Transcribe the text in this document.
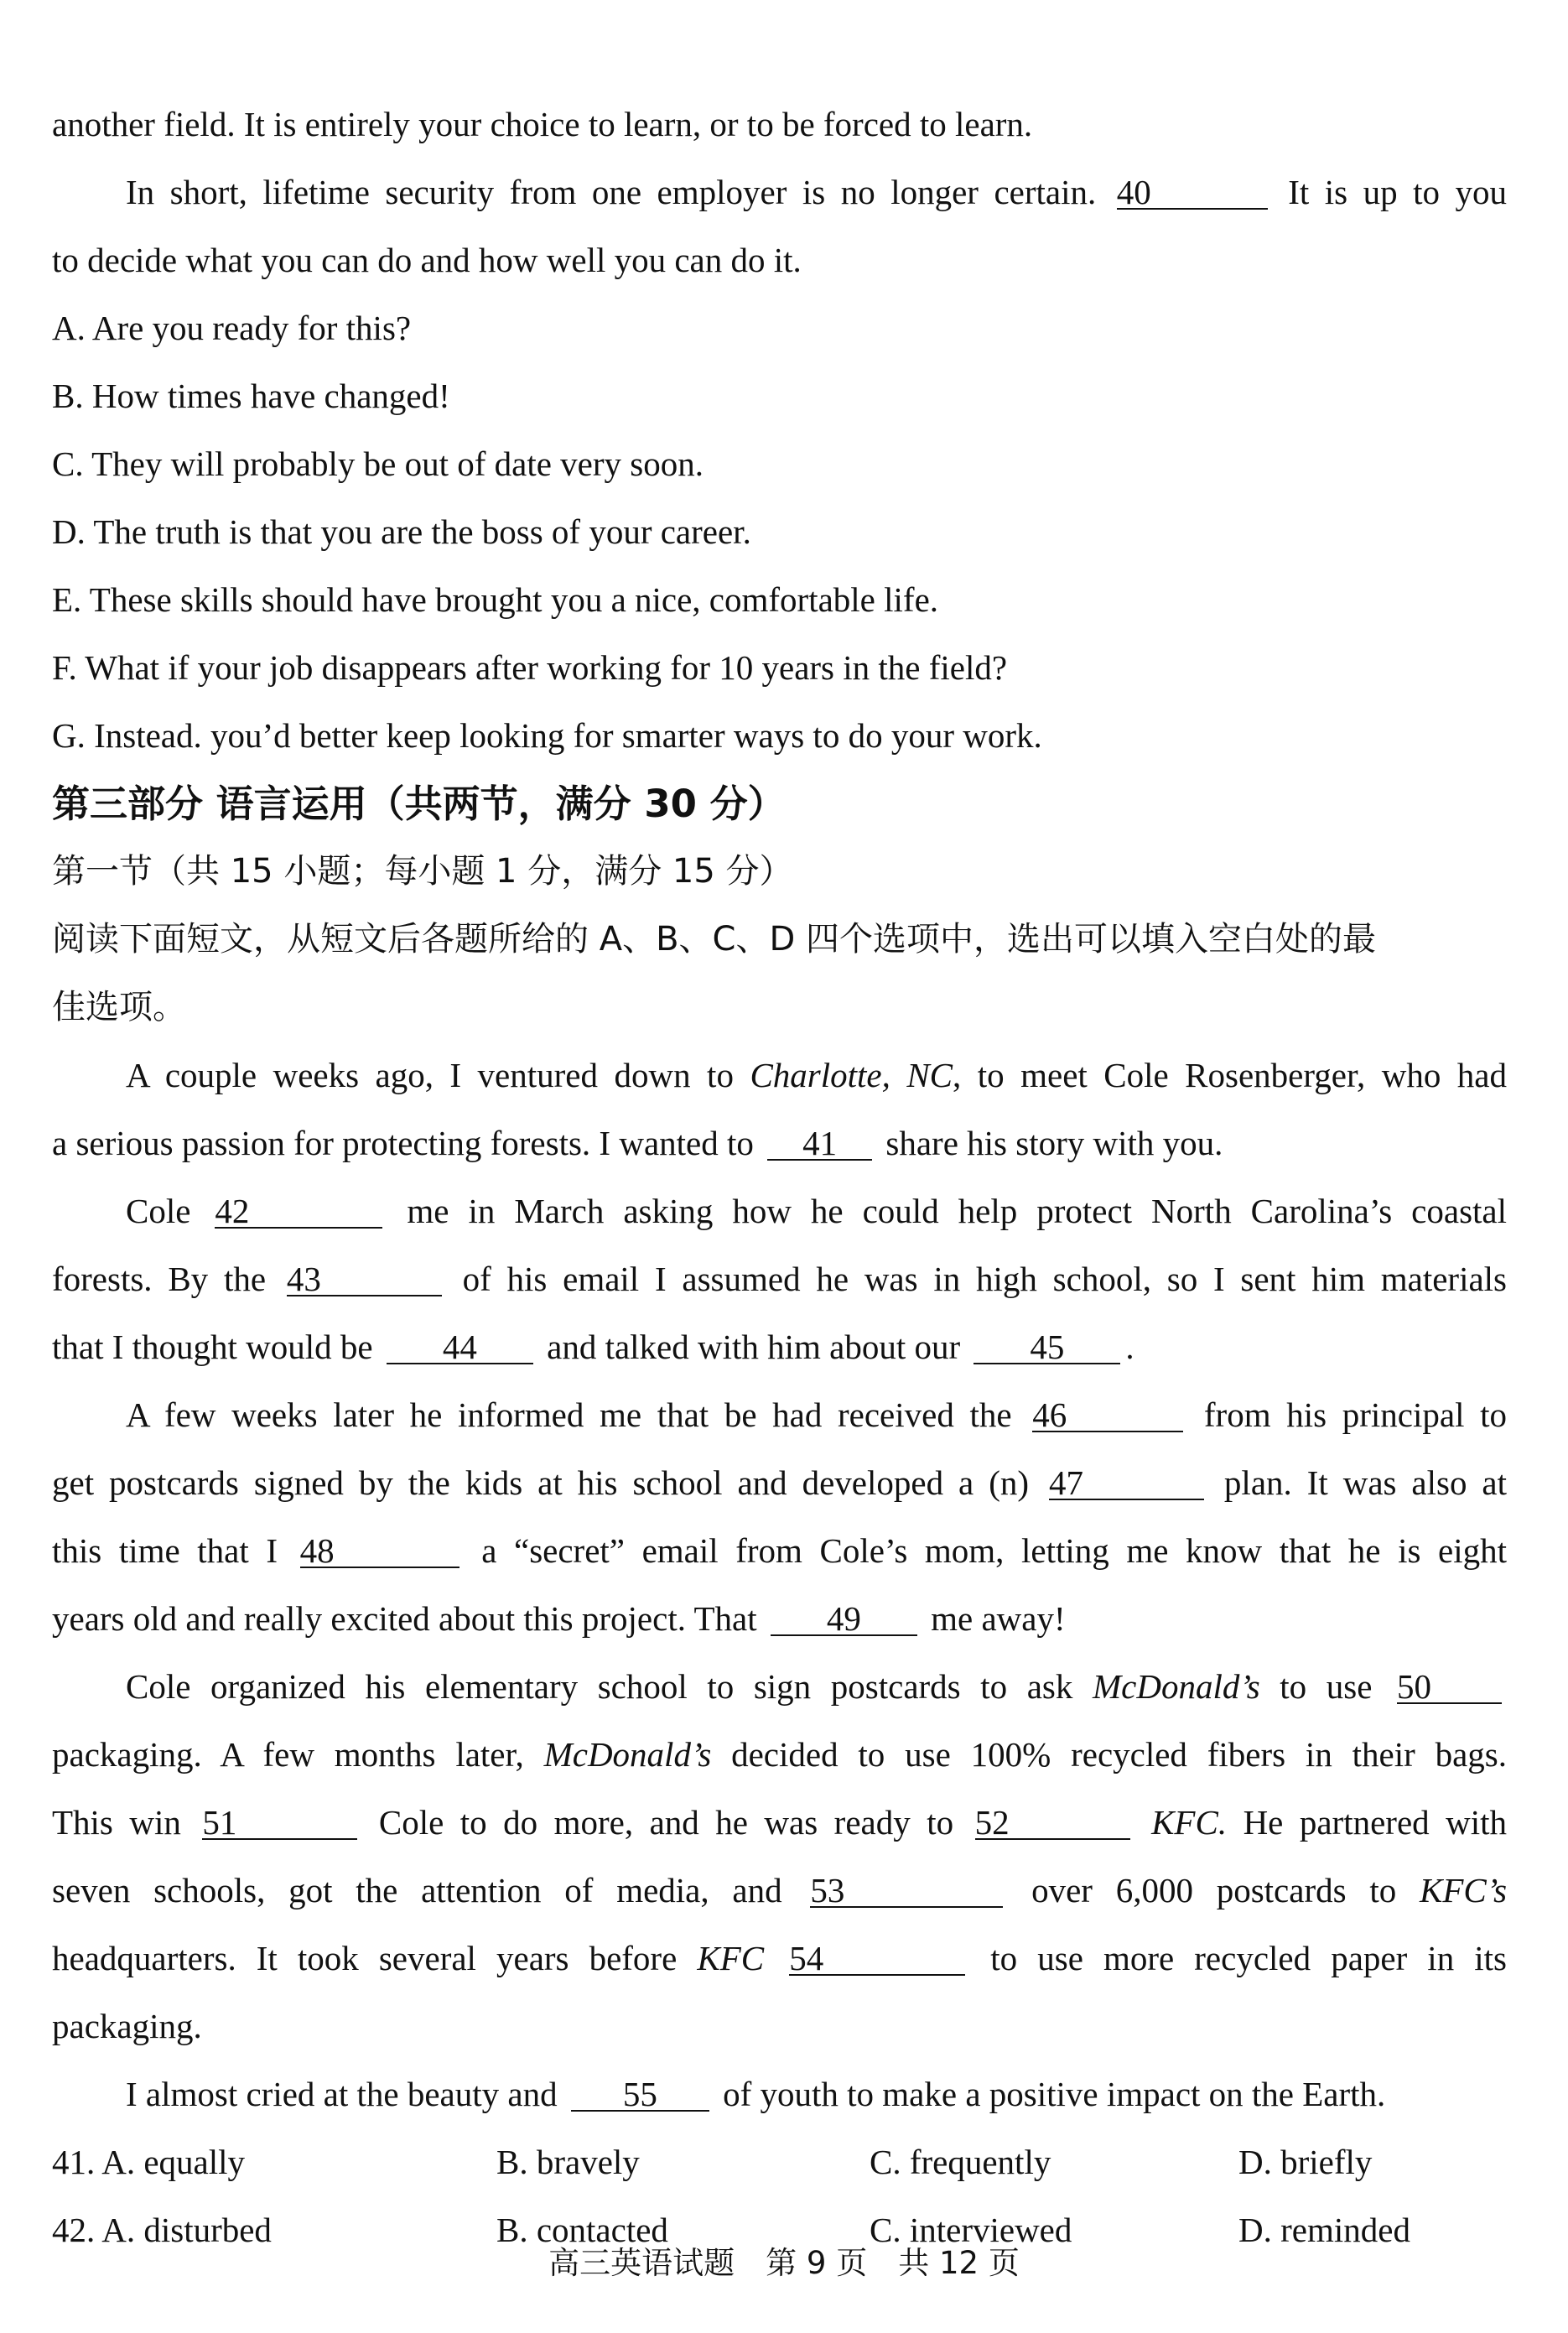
another field. It is entirely your choice to learn, or to be forced to learn.
In short, lifetime security from one employer is no longer certain. 40	It is up to you
to decide what you can do and how well you can do it.
A. Are you ready for this?
B. How times have changed!
C. They will probably be out of date very soon.
D. The truth is that you are the boss of your career.
E. These skills should have brought you a nice, comfortable life.
F. What if your job disappears after working for 10 years in the field?
G. Instead. you’d better keep looking for smarter ways to do your work.
第三部分 语言运用（共两节，满分 30 分）
第一节（共 15 小题；每小题 1 分，满分 15 分）
阅读下面短文，从短文后各题所给的 A、B、C、D 四个选项中，选出可以填入空白处的最
佳选项。
A couple weeks ago, I ventured down to Charlotte, NC, to meet Cole Rosenberger, who had
a serious passion for protecting forests. I wanted to 41 share his story with you.
Cole 42	me in March asking how he could help protect North Carolina’s coastal
forests. By the 43	of his email I assumed he was in high school, so I sent him materials
that I thought would be 44 and talked with him about our 45 .
A few weeks later he informed me that be had received the 46	from his principal to
get postcards signed by the kids at his school and developed a (n) 47	plan. It was also at
this time that I 48	a “secret” email from Cole’s mom, letting me know that he is eight
years old and really excited about this project. That 49 me away!
Cole organized his elementary school to sign postcards to ask McDonald’s to use 50
packaging. A few months later, McDonald’s decided to use 100% recycled fibers in their bags.
This win 51	Cole to do more, and he was ready to 52	KFC. He partnered with
seven schools, got the attention of media, and 53	over 6,000 postcards to KFC’s
headquarters. It took several years before KFC 54	to use more recycled paper in its
packaging.
I almost cried at the beauty and 55 of youth to make a positive impact on the Earth.
41. A. equally	B. bravely	C. frequently	D. briefly
42. A. disturbed	B. contacted	C. interviewed	D. reminded
高三英语试题　第 9 页　共 12 页
